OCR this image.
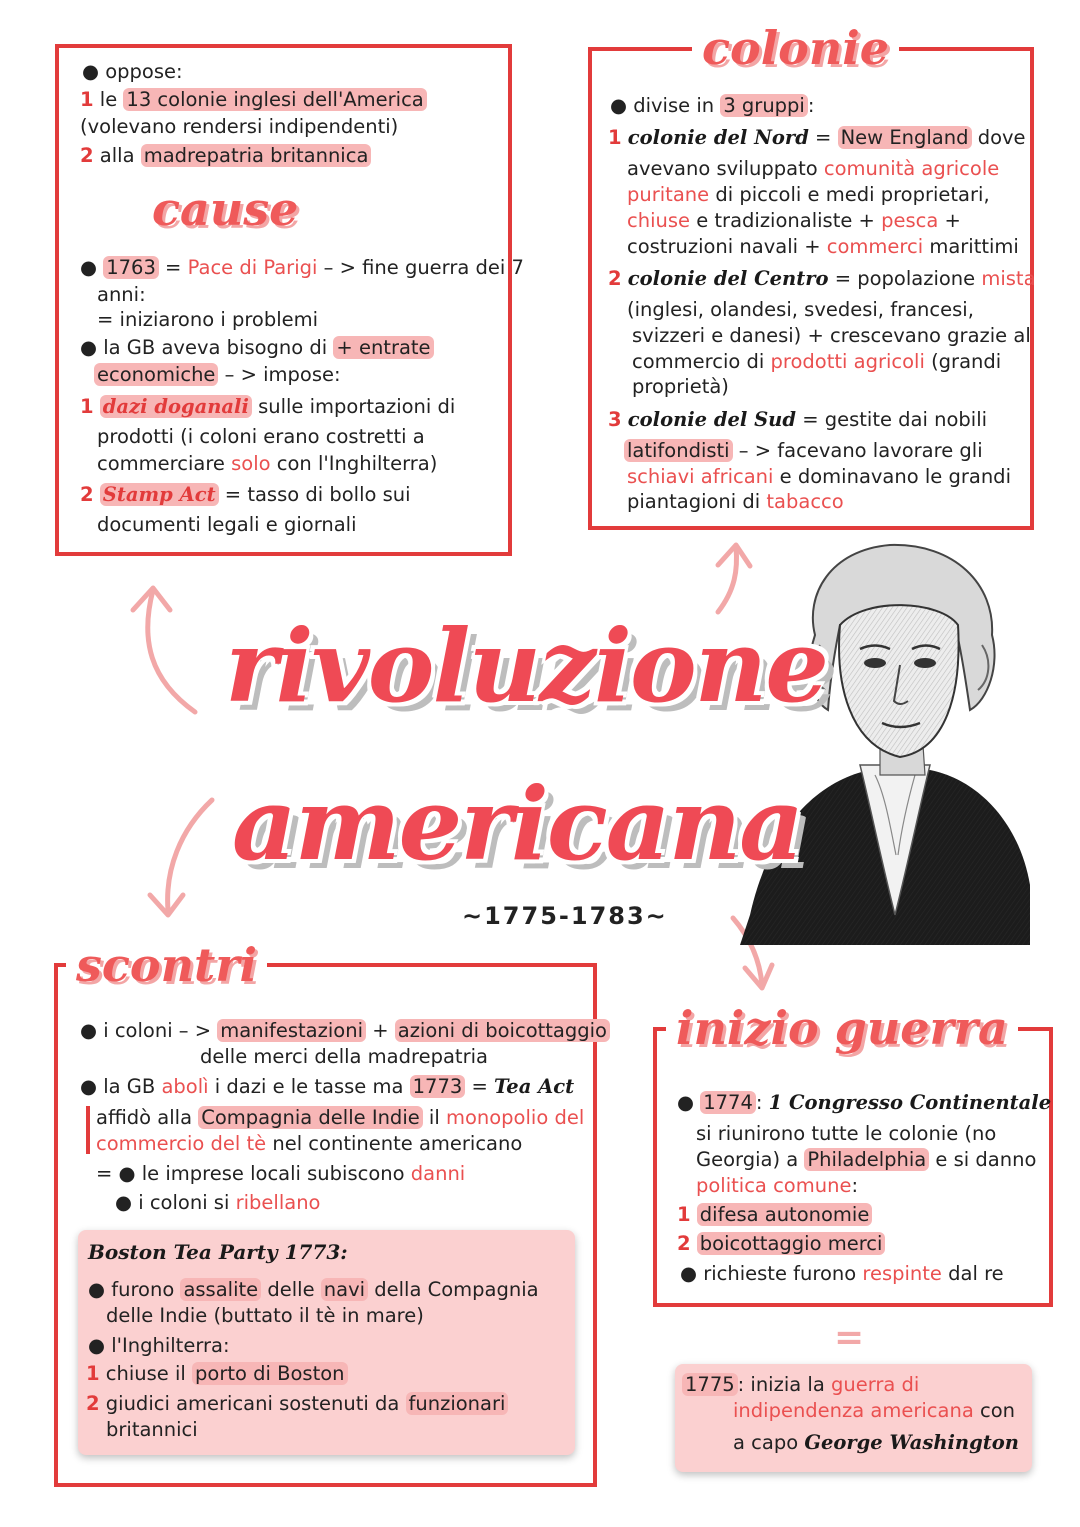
● oppose:
1 le 13 colonie inglesi dell'America
(volevano rendersi indipendenti)
2 alla madrepatria britannica
cause
● 1763 = Pace di Parigi – > fine guerra dei 7
anni:
= iniziarono i problemi
● la GB aveva bisogno di + entrate
economiche – > impose:
1 dazi doganali sulle importazioni di
prodotti (i coloni erano costretti a
commerciare solo con l'Inghilterra)
2 Stamp Act = tasso di bollo sui
documenti legali e giornali
colonie
● divise in 3 gruppi :
1 colonie del Nord = New England dove
avevano sviluppato comunità agricole
puritane di piccoli e medi proprietari,
chiuse e tradizionaliste + pesca +
costruzioni navali + commerci marittimi
2 colonie del Centro = popolazione mista
(inglesi, olandesi, svedesi, francesi,
svizzeri e danesi) + crescevano grazie al
commercio di prodotti agricoli (grandi
proprietà)
3 colonie del Sud = gestite dai nobili
latifondisti – > facevano lavorare gli
schiavi africani e dominavano le grandi
piantagioni di tabacco
rivoluzione
americana
~1775-1783~
scontri
● i coloni – > manifestazioni + azioni di boicottaggio
delle merci della madrepatria
● la GB abolì i dazi e le tasse ma 1773 = Tea Act
affidò alla Compagnia delle Indie il monopolio del
commercio del tè nel continente americano
= ● le imprese locali subiscono danni
● i coloni si ribellano
Boston Tea Party 1773:
● furono assalite delle navi della Compagnia
delle Indie (buttato il tè in mare)
● l'Inghilterra:
1 chiuse il porto di Boston
2 giudici americani sostenuti da funzionari
britannici
inizio guerra
● 1774 : 1 Congresso Continentale
si riunirono tutte le colonie (no
Georgia) a Philadelphia e si danno
politica comune:
1 difesa autonomie
2 boicottaggio merci
● richieste furono respinte dal re
=
1775 : inizia la guerra di
indipendenza americana con
a capo George Washington
